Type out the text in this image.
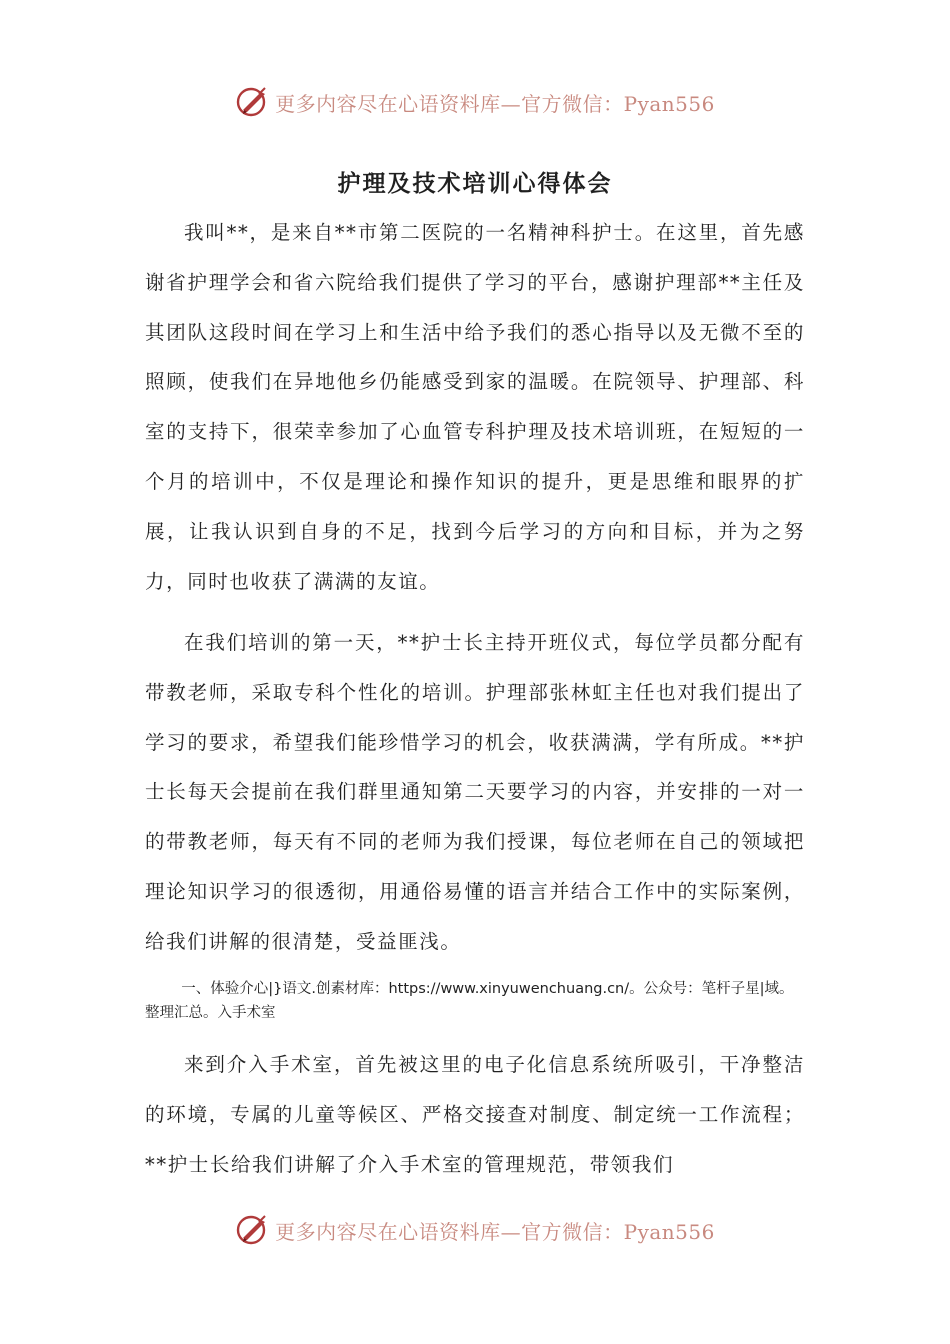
更多内容尽在心语资料库—官方微信：Pyan556
护理及技术培训心得体会

我叫**，是来自**市第二医院的一名精神科护士。在这里，首先感谢省护理学会和省六院给我们提供了学习的平台，感谢护理部**主任及其团队这段时间在学习上和生活中给予我们的悉心指导以及无微不至的照顾，使我们在异地他乡仍能感受到家的温暖。在院领导、护理部、科室的支持下，很荣幸参加了心血管专科护理及技术培训班，在短短的一个月的培训中，不仅是理论和操作知识的提升，更是思维和眼界的扩展，让我认识到自身的不足，找到今后学习的方向和目标，并为之努力，同时也收获了满满的友谊。

在我们培训的第一天，**护士长主持开班仪式，每位学员都分配有带教老师，采取专科个性化的培训。护理部张林虹主任也对我们提出了学习的要求，希望我们能珍惜学习的机会，收获满满，学有所成。**护士长每天会提前在我们群里通知第二天要学习的内容，并安排的一对一的带教老师，每天有不同的老师为我们授课，每位老师在自己的领域把理论知识学习的很透彻，用通俗易懂的语言并结合工作中的实际案例，给我们讲解的很清楚，受益匪浅。

一、体验介心|}语文.创素材库：https://www.xinyuwenchuang.cn/。公众号：笔杆子星|域。整理汇总。入手术室

来到介入手术室，首先被这里的电子化信息系统所吸引，干净整洁的环境，专属的儿童等候区、严格交接查对制度、制定统一工作流程；**护士长给我们讲解了介入手术室的管理规范，带领我们

更多内容尽在心语资料库—官方微信：Pyan556
